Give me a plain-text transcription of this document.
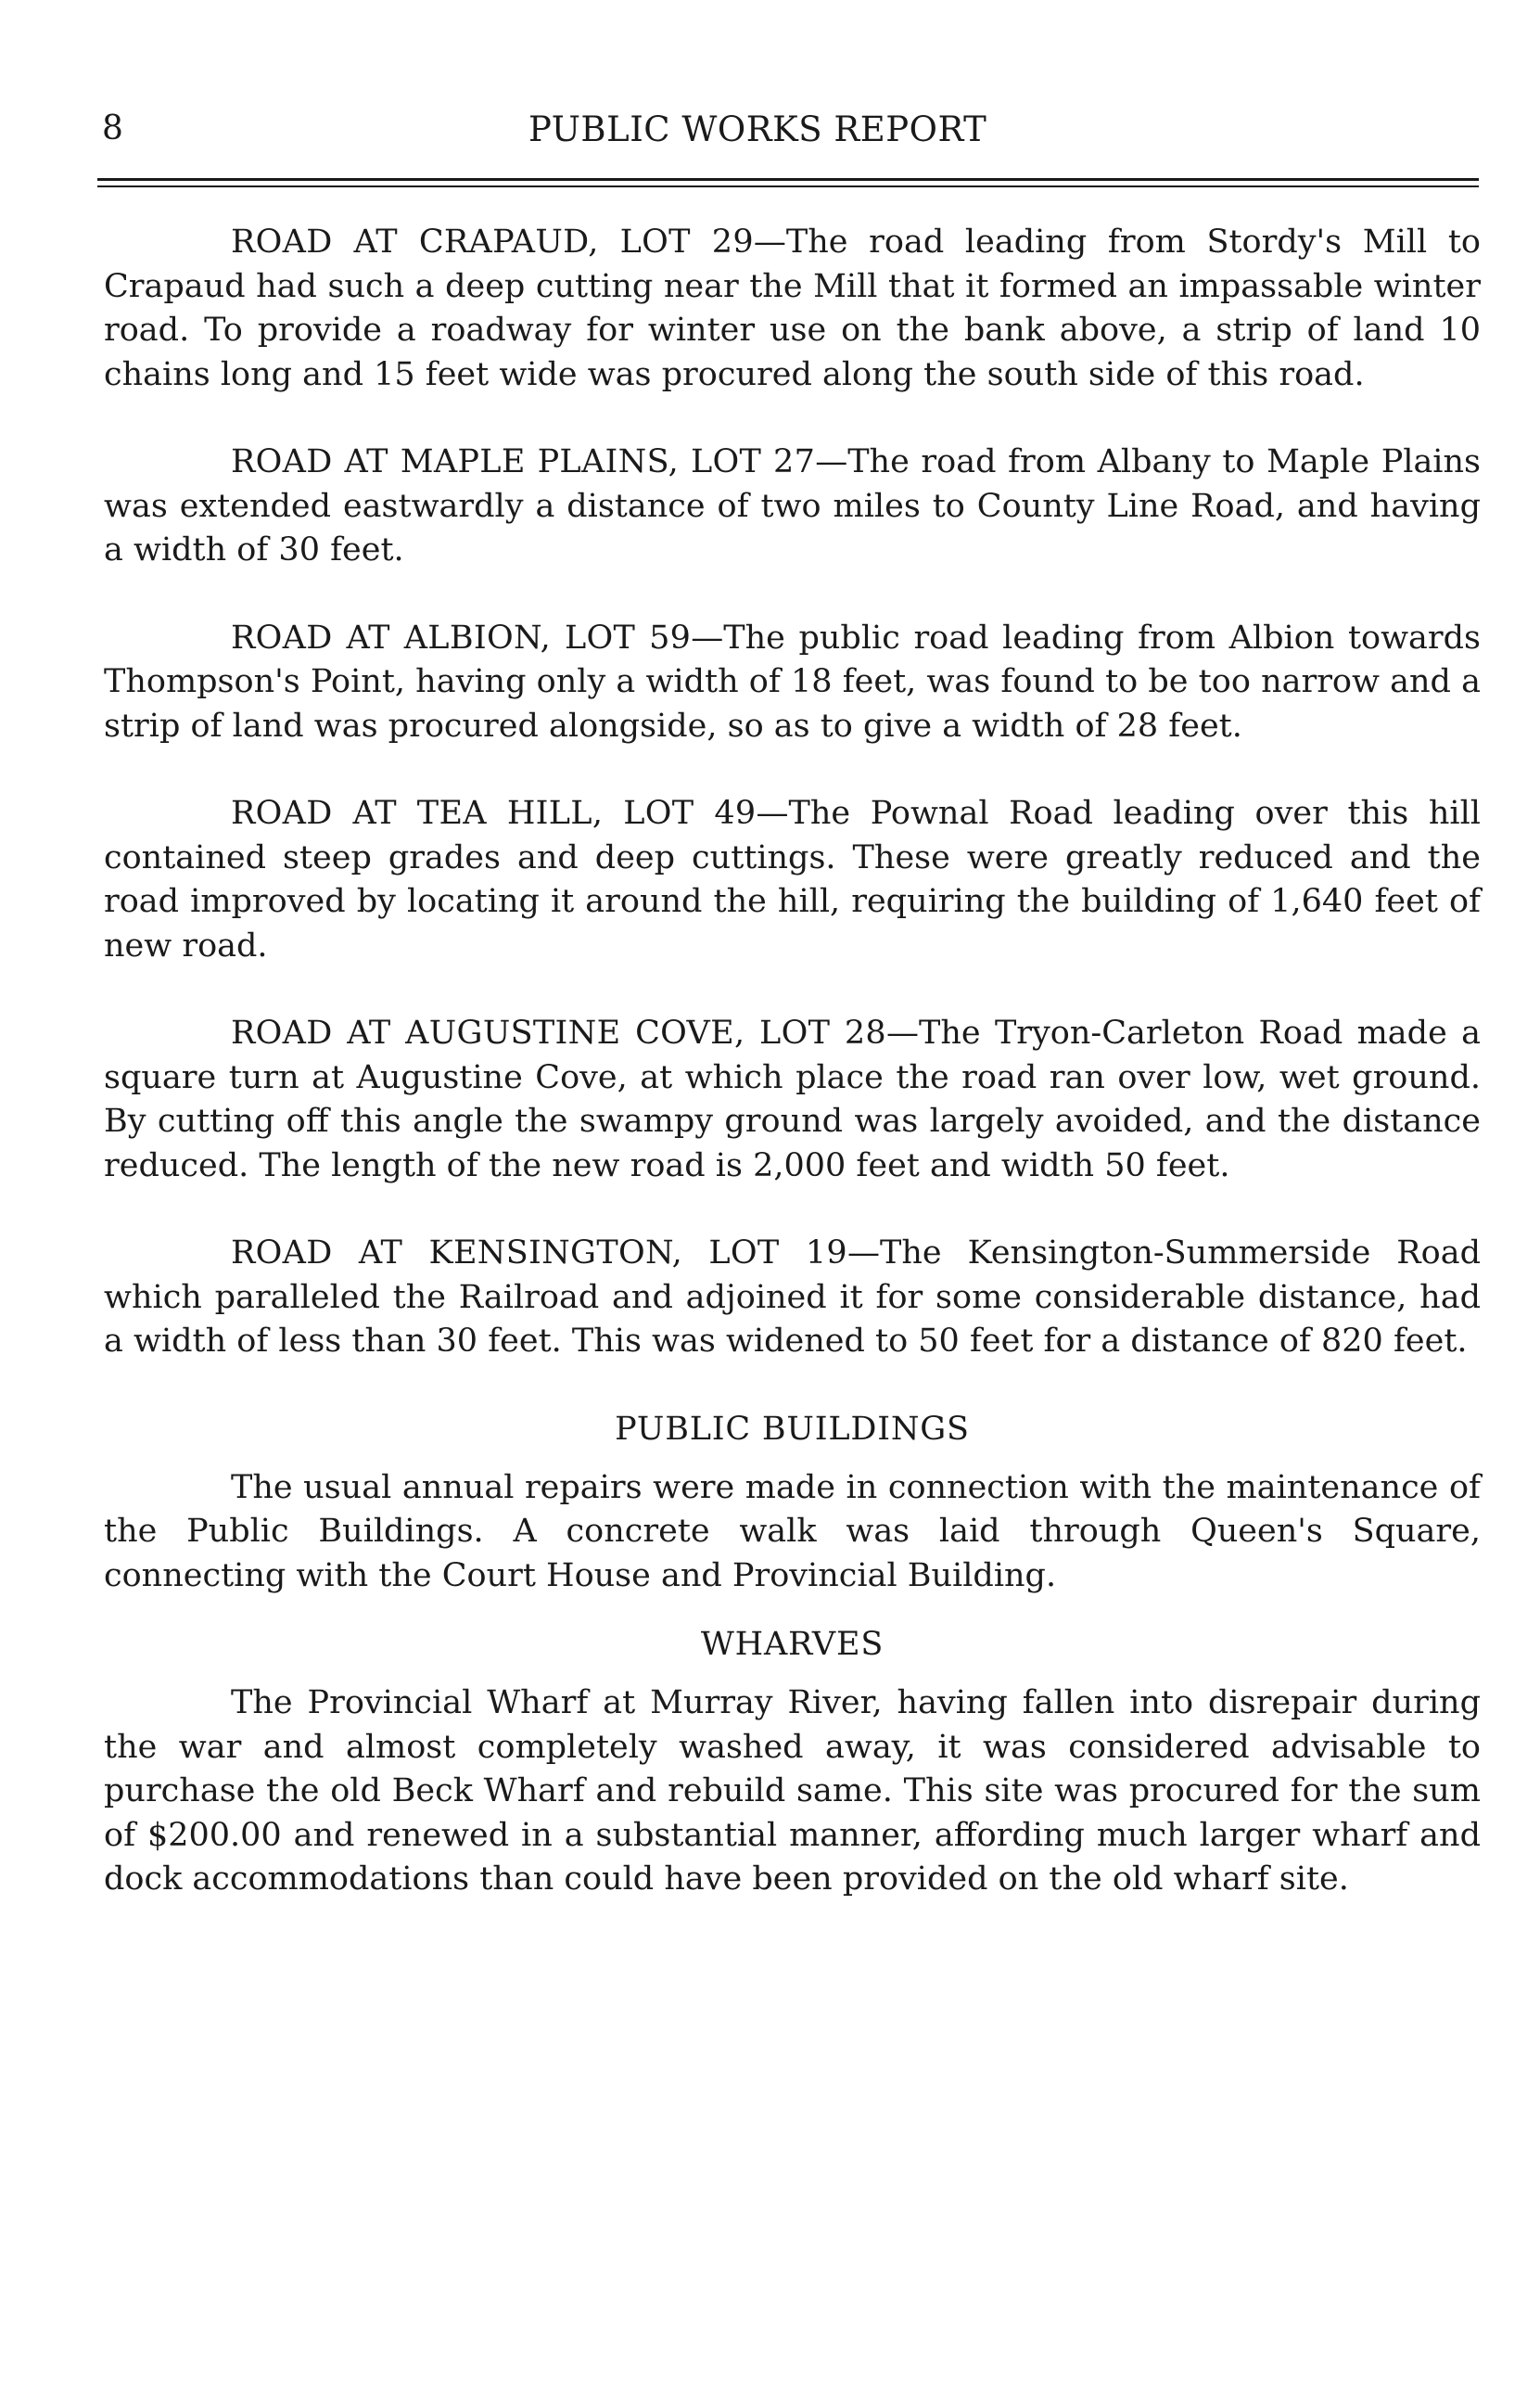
8	PUBLIC WORKS REPORT

ROAD AT CRAPAUD, LOT 29—The road leading from Stordy's Mill to Crapaud had such a deep cutting near the Mill that it formed an impassable winter road. To provide a roadway for winter use on the bank above, a strip of land 10 chains long and 15 feet wide was procured along the south side of this road.

ROAD AT MAPLE PLAINS, LOT 27—The road from Albany to Maple Plains was extended eastwardly a distance of two miles to County Line Road, and having a width of 30 feet.

ROAD AT ALBION, LOT 59—The public road leading from Albion towards Thompson's Point, having only a width of 18 feet, was found to be too narrow and a strip of land was procured alongside, so as to give a width of 28 feet.

ROAD AT TEA HILL, LOT 49—The Pownal Road leading over this hill contained steep grades and deep cuttings. These were greatly reduced and the road improved by locating it around the hill, requiring the building of 1,640 feet of new road.

ROAD AT AUGUSTINE COVE, LOT 28—The Tryon-Carleton Road made a square turn at Augustine Cove, at which place the road ran over low, wet ground. By cutting off this angle the swampy ground was largely avoided, and the distance reduced. The length of the new road is 2,000 feet and width 50 feet.

ROAD AT KENSINGTON, LOT 19—The Kensington-Summerside Road which paralleled the Railroad and adjoined it for some considerable distance, had a width of less than 30 feet. This was widened to 50 feet for a distance of 820 feet.

PUBLIC BUILDINGS

The usual annual repairs were made in connection with the maintenance of the Public Buildings. A concrete walk was laid through Queen's Square, connecting with the Court House and Provincial Building.

WHARVES

The Provincial Wharf at Murray River, having fallen into disrepair during the war and almost completely washed away, it was considered advisable to purchase the old Beck Wharf and rebuild same. This site was procured for the sum of $200.00 and renewed in a substantial manner, affording much larger wharf and dock accommodations than could have been provided on the old wharf site.
